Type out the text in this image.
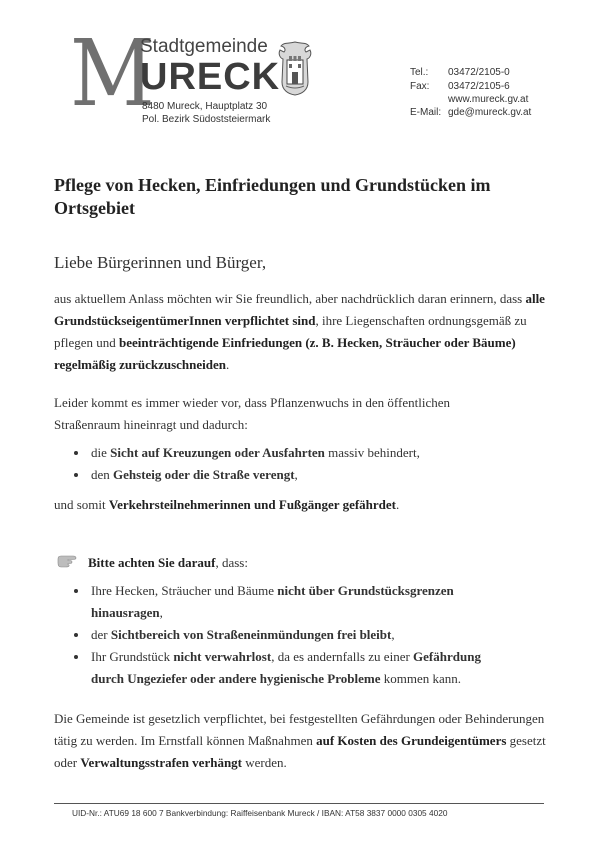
M
Stadtgemeinde
URECK
8480 Mureck, Hauptplatz 30
Pol. Bezirk Südoststeiermark
Tel.: 03472/2105-0
Fax: 03472/2105-6
www.mureck.gv.at
E-Mail: gde@mureck.gv.at
Pflege von Hecken, Einfriedungen und Grundstücken im Ortsgebiet
Liebe Bürgerinnen und Bürger,
aus aktuellem Anlass möchten wir Sie freundlich, aber nachdrücklich daran erinnern, dass alle GrundstückseigentümerInnen verpflichtet sind, ihre Liegenschaften ordnungsgemäß zu pflegen und beeinträchtigende Einfriedungen (z. B. Hecken, Sträucher oder Bäume) regelmäßig zurückzuschneiden.
Leider kommt es immer wieder vor, dass Pflanzenwuchs in den öffentlichen Straßenraum hineinragt und dadurch:
die Sicht auf Kreuzungen oder Ausfahrten massiv behindert,
den Gehsteig oder die Straße verengt,
und somit Verkehrsteilnehmerinnen und Fußgänger gefährdet.
Bitte achten Sie darauf, dass:
Ihre Hecken, Sträucher und Bäume nicht über Grundstücksgrenzen hinausragen,
der Sichtbereich von Straßeneinmündungen frei bleibt,
Ihr Grundstück nicht verwahrlost, da es andernfalls zu einer Gefährdung durch Ungeziefer oder andere hygienische Probleme kommen kann.
Die Gemeinde ist gesetzlich verpflichtet, bei festgestellten Gefährdungen oder Behinderungen tätig zu werden. Im Ernstfall können Maßnahmen auf Kosten des Grundeigentümers gesetzt oder Verwaltungsstrafen verhängt werden.
UID-Nr.: ATU69 18 600 7 Bankverbindung: Raiffeisenbank Mureck / IBAN: AT58 3837 0000 0305 4020
